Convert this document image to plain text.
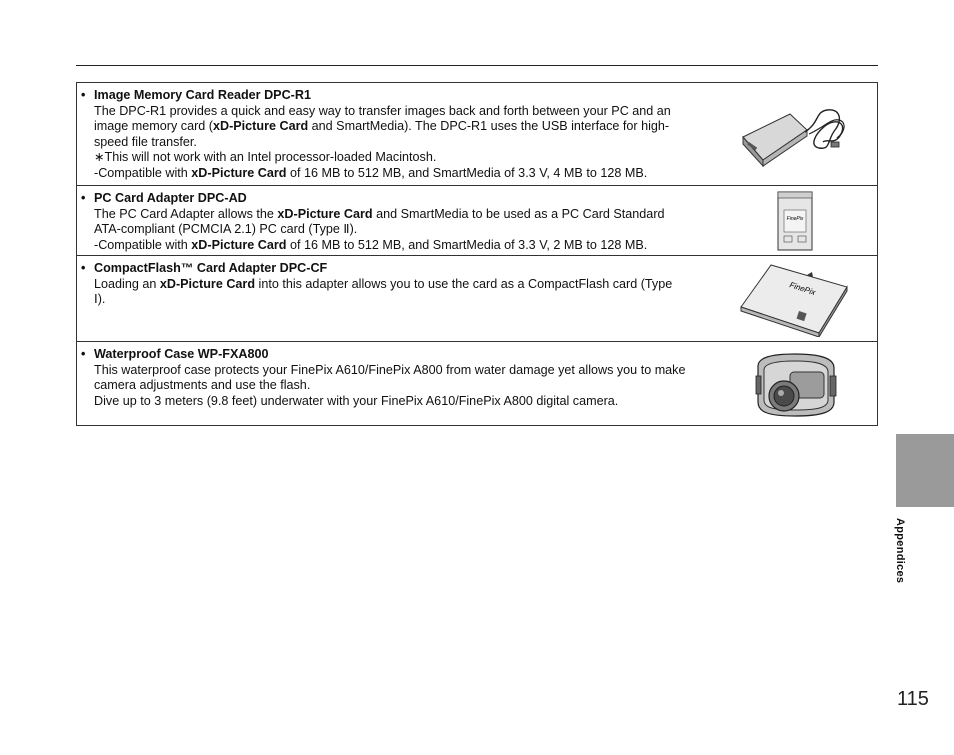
• Image Memory Card Reader DPC-R1

The DPC-R1 provides a quick and easy way to transfer images back and forth between your PC and an

image memory card (xD-Picture Card and SmartMedia). The DPC-R1 uses the USB interface for high-

speed file transfer.

∗This will not work with an Intel processor-loaded Macintosh.

-Compatible with xD-Picture Card of 16 MB to 512 MB, and SmartMedia of 3.3 V, 4 MB to 128 MB.

• PC Card Adapter DPC-AD

The PC Card Adapter allows the xD-Picture Card and SmartMedia to be used as a PC Card Standard

ATA-compliant (PCMCIA 2.1) PC card (Type Ⅱ).

-Compatible with xD-Picture Card of 16 MB to 512 MB, and SmartMedia of 3.3 V, 2 MB to 128 MB.

FinePix
• CompactFlash™ Card Adapter DPC-CF

Loading an xD-Picture Card into this adapter allows you to use the card as a CompactFlash card (Type

Ⅰ).

FinePix
• Waterproof Case WP-FXA800

This waterproof case protects your FinePix A610/FinePix A800 from water damage yet allows you to make

camera adjustments and use the flash.

Dive up to 3 meters (9.8 feet) underwater with your FinePix A610/FinePix A800 digital camera.

Appendices
115
